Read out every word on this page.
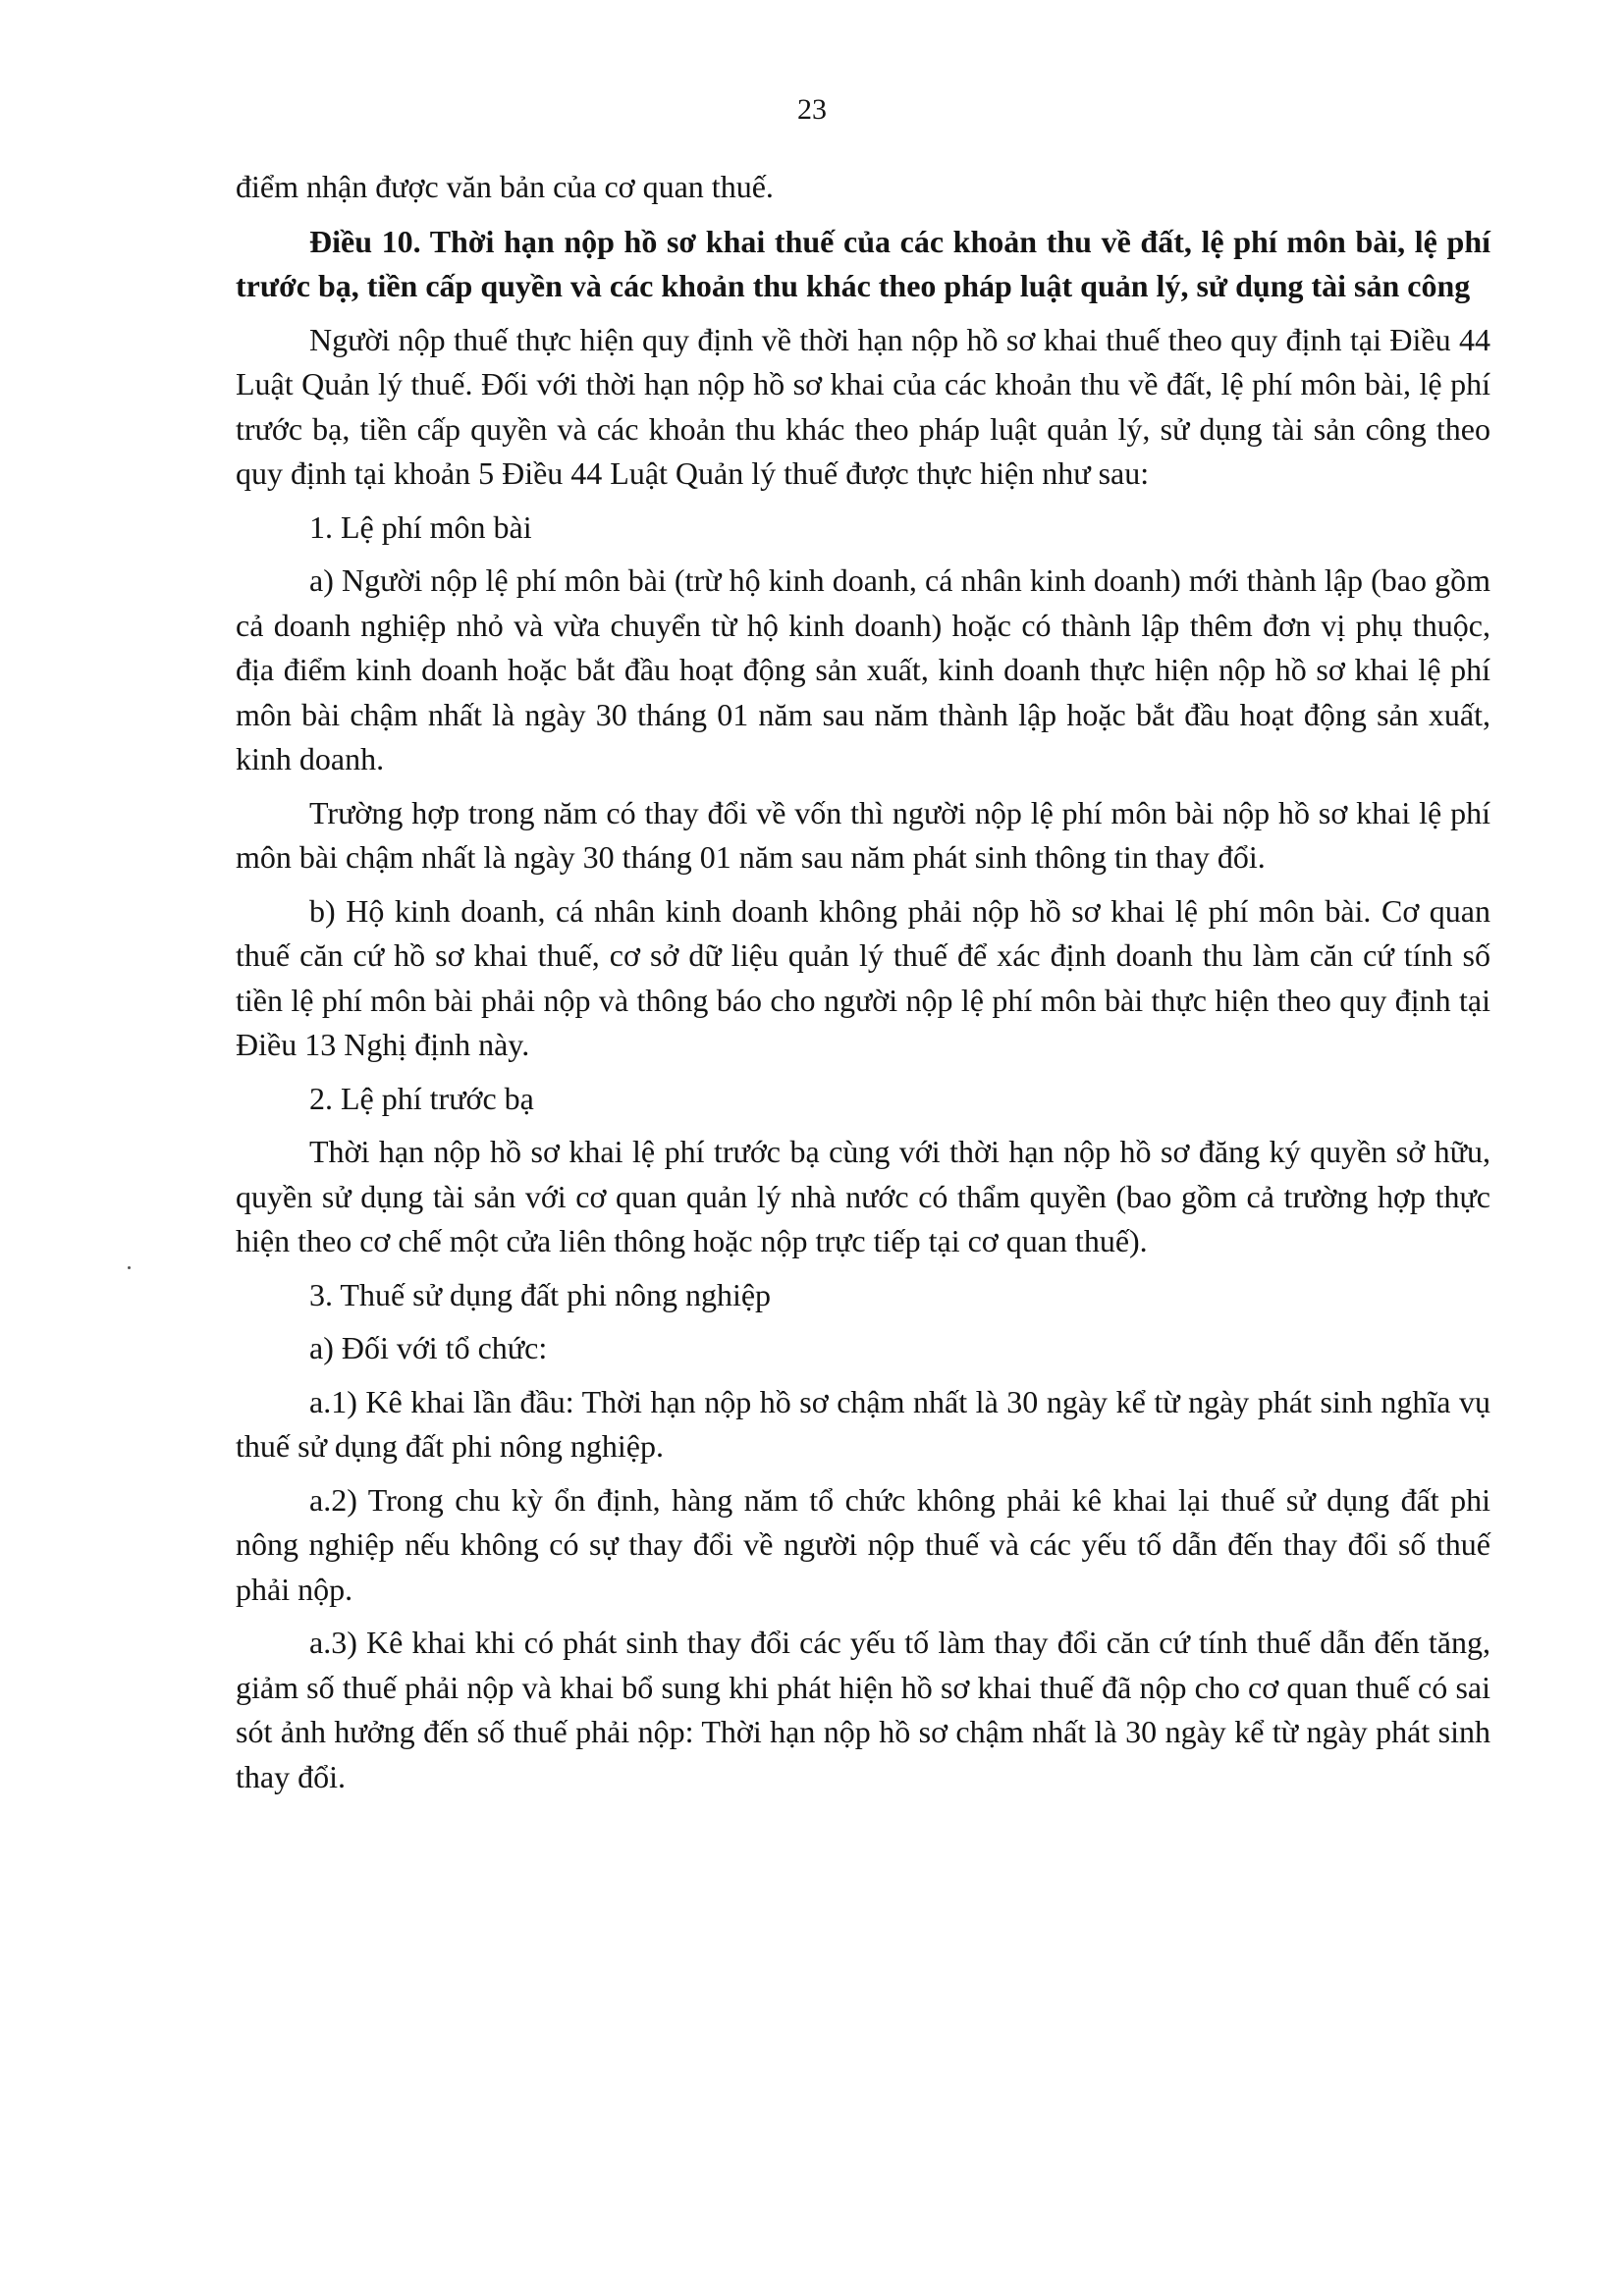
23

điểm nhận được văn bản của cơ quan thuế.

Điều 10. Thời hạn nộp hồ sơ khai thuế của các khoản thu về đất, lệ phí môn bài, lệ phí trước bạ, tiền cấp quyền và các khoản thu khác theo pháp luật quản lý, sử dụng tài sản công

Người nộp thuế thực hiện quy định về thời hạn nộp hồ sơ khai thuế theo quy định tại Điều 44 Luật Quản lý thuế. Đối với thời hạn nộp hồ sơ khai của các khoản thu về đất, lệ phí môn bài, lệ phí trước bạ, tiền cấp quyền và các khoản thu khác theo pháp luật quản lý, sử dụng tài sản công theo quy định tại khoản 5 Điều 44 Luật Quản lý thuế được thực hiện như sau:

1. Lệ phí môn bài

a) Người nộp lệ phí môn bài (trừ hộ kinh doanh, cá nhân kinh doanh) mới thành lập (bao gồm cả doanh nghiệp nhỏ và vừa chuyển từ hộ kinh doanh) hoặc có thành lập thêm đơn vị phụ thuộc, địa điểm kinh doanh hoặc bắt đầu hoạt động sản xuất, kinh doanh thực hiện nộp hồ sơ khai lệ phí môn bài chậm nhất là ngày 30 tháng 01 năm sau năm thành lập hoặc bắt đầu hoạt động sản xuất, kinh doanh.

Trường hợp trong năm có thay đổi về vốn thì người nộp lệ phí môn bài nộp hồ sơ khai lệ phí môn bài chậm nhất là ngày 30 tháng 01 năm sau năm phát sinh thông tin thay đổi.

b) Hộ kinh doanh, cá nhân kinh doanh không phải nộp hồ sơ khai lệ phí môn bài. Cơ quan thuế căn cứ hồ sơ khai thuế, cơ sở dữ liệu quản lý thuế để xác định doanh thu làm căn cứ tính số tiền lệ phí môn bài phải nộp và thông báo cho người nộp lệ phí môn bài thực hiện theo quy định tại Điều 13 Nghị định này.

2. Lệ phí trước bạ

Thời hạn nộp hồ sơ khai lệ phí trước bạ cùng với thời hạn nộp hồ sơ đăng ký quyền sở hữu, quyền sử dụng tài sản với cơ quan quản lý nhà nước có thẩm quyền (bao gồm cả trường hợp thực hiện theo cơ chế một cửa liên thông hoặc nộp trực tiếp tại cơ quan thuế).

3. Thuế sử dụng đất phi nông nghiệp

a) Đối với tổ chức:

a.1) Kê khai lần đầu: Thời hạn nộp hồ sơ chậm nhất là 30 ngày kể từ ngày phát sinh nghĩa vụ thuế sử dụng đất phi nông nghiệp.

a.2) Trong chu kỳ ổn định, hàng năm tổ chức không phải kê khai lại thuế sử dụng đất phi nông nghiệp nếu không có sự thay đổi về người nộp thuế và các yếu tố dẫn đến thay đổi số thuế phải nộp.

a.3) Kê khai khi có phát sinh thay đổi các yếu tố làm thay đổi căn cứ tính thuế dẫn đến tăng, giảm số thuế phải nộp và khai bổ sung khi phát hiện hồ sơ khai thuế đã nộp cho cơ quan thuế có sai sót ảnh hưởng đến số thuế phải nộp: Thời hạn nộp hồ sơ chậm nhất là 30 ngày kể từ ngày phát sinh thay đổi.
